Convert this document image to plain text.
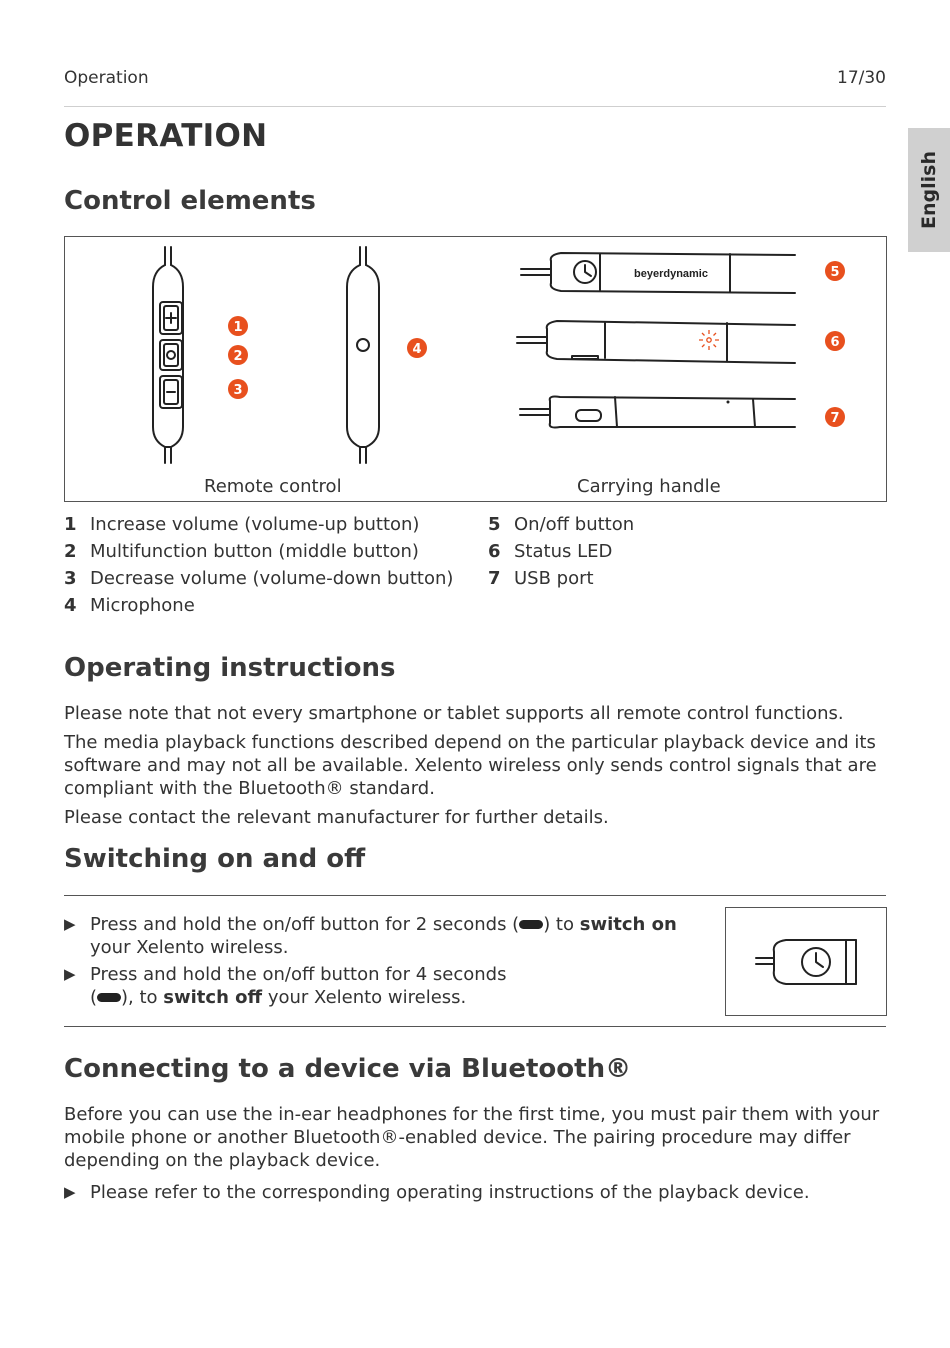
Operation	17/30
English
OPERATION
Control elements
beyerdynamic
1
2
3
4
5
6
7
Remote control	Carrying handle
1 Increase volume (volume-up button)
2 Multifunction button (middle button)
3 Decrease volume (volume-down button)
4 Microphone
5 On/off button
6 Status LED
7 USB port
Operating instructions

Please note that not every smartphone or tablet supports all remote control functions.

The media playback functions described depend on the particular playback device and its software and may not all be available. Xelento wireless only sends control signals that are compliant with the Bluetooth® standard.

Please contact the relevant manufacturer for further details.

Switching on and off
▶ Press and hold the on/off button for 2 seconds ( ) to switch on your Xelento wireless.
▶ Press and hold the on/off button for 4 seconds ( ), to switch off your Xelento wireless.
Connecting to a device via Bluetooth®

Before you can use the in-ear headphones for the first time, you must pair them with your mobile phone or another Bluetooth®-enabled device. The pairing procedure may differ depending on the playback device.

▶ Please refer to the corresponding operating instructions of the playback device.
